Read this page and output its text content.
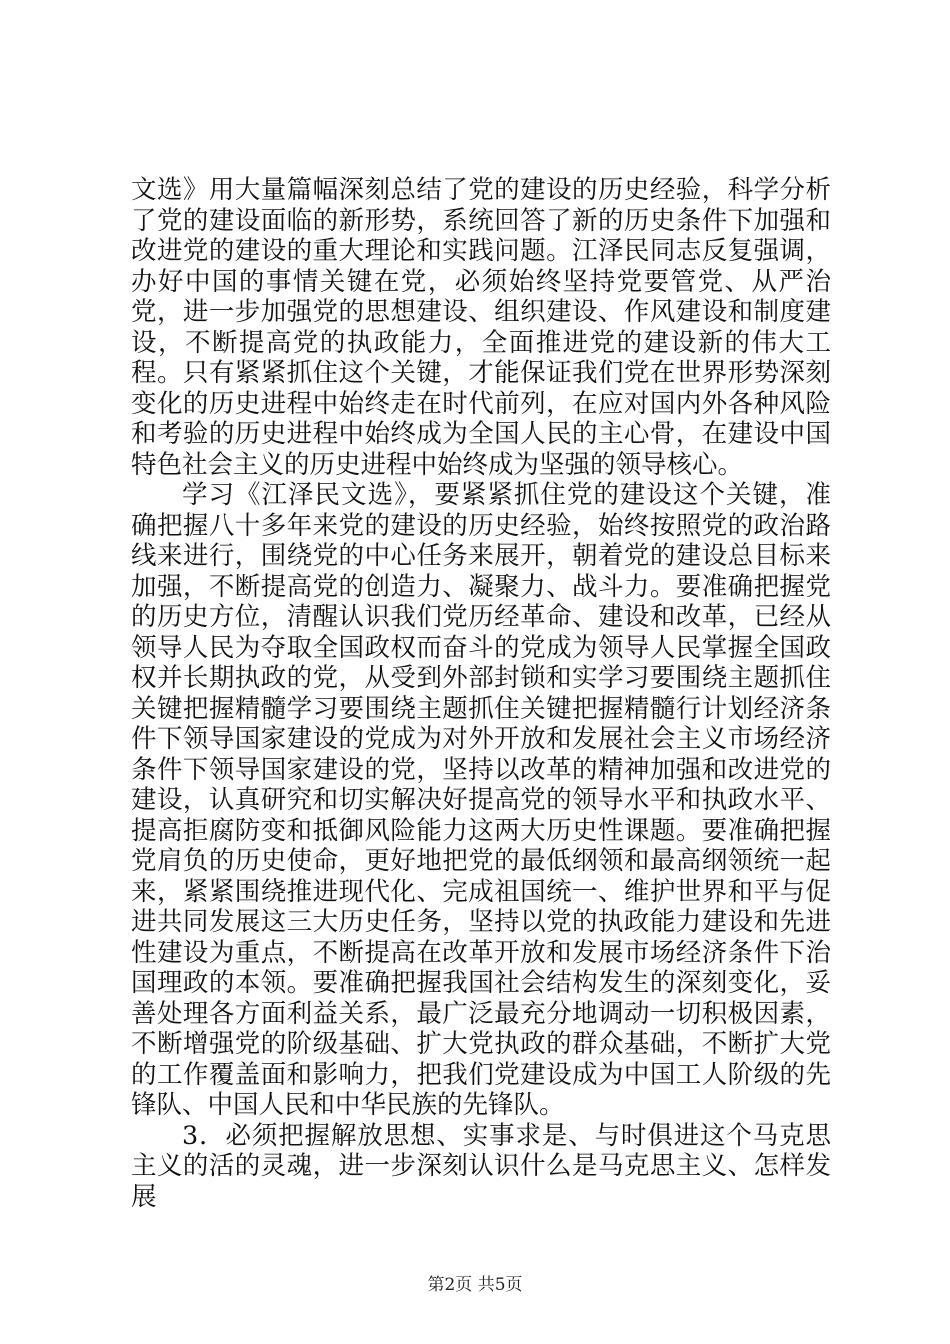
文选》用大量篇幅深刻总结了党的建设的历史经验，科学分析了党的建设面临的新形势，系统回答了新的历史条件下加强和改进党的建设的重大理论和实践问题。江泽民同志反复强调，办好中国的事情关键在党，必须始终坚持党要管党、从严治党，进一步加强党的思想建设、组织建设、作风建设和制度建设，不断提高党的执政能力，全面推进党的建设新的伟大工程。只有紧紧抓住这个关键，才能保证我们党在世界形势深刻变化的历史进程中始终走在时代前列，在应对国内外各种风险和考验的历史进程中始终成为全国人民的主心骨，在建设中国特色社会主义的历史进程中始终成为坚强的领导核心。

学习《江泽民文选》，要紧紧抓住党的建设这个关键，准确把握八十多年来党的建设的历史经验，始终按照党的政治路线来进行，围绕党的中心任务来展开，朝着党的建设总目标来加强，不断提高党的创造力、凝聚力、战斗力。要准确把握党的历史方位，清醒认识我们党历经革命、建设和改革，已经从领导人民为夺取全国政权而奋斗的党成为领导人民掌握全国政权并长期执政的党，从受到外部封锁和实学习要围绕主题抓住关键把握精髓学习要围绕主题抓住关键把握精髓行计划经济条件下领导国家建设的党成为对外开放和发展社会主义市场经济条件下领导国家建设的党，坚持以改革的精神加强和改进党的建设，认真研究和切实解决好提高党的领导水平和执政水平、提高拒腐防变和抵御风险能力这两大历史性课题。要准确把握党肩负的历史使命，更好地把党的最低纲领和最高纲领统一起来，紧紧围绕推进现代化、完成祖国统一、维护世界和平与促进共同发展这三大历史任务，坚持以党的执政能力建设和先进性建设为重点，不断提高在改革开放和发展市场经济条件下治国理政的本领。要准确把握我国社会结构发生的深刻变化，妥善处理各方面利益关系，最广泛最充分地调动一切积极因素，不断增强党的阶级基础、扩大党执政的群众基础，不断扩大党的工作覆盖面和影响力，把我们党建设成为中国工人阶级的先锋队、中国人民和中华民族的先锋队。

3．必须把握解放思想、实事求是、与时俱进这个马克思主义的活的灵魂，进一步深刻认识什么是马克思主义、怎样发展

第2页 共5页
